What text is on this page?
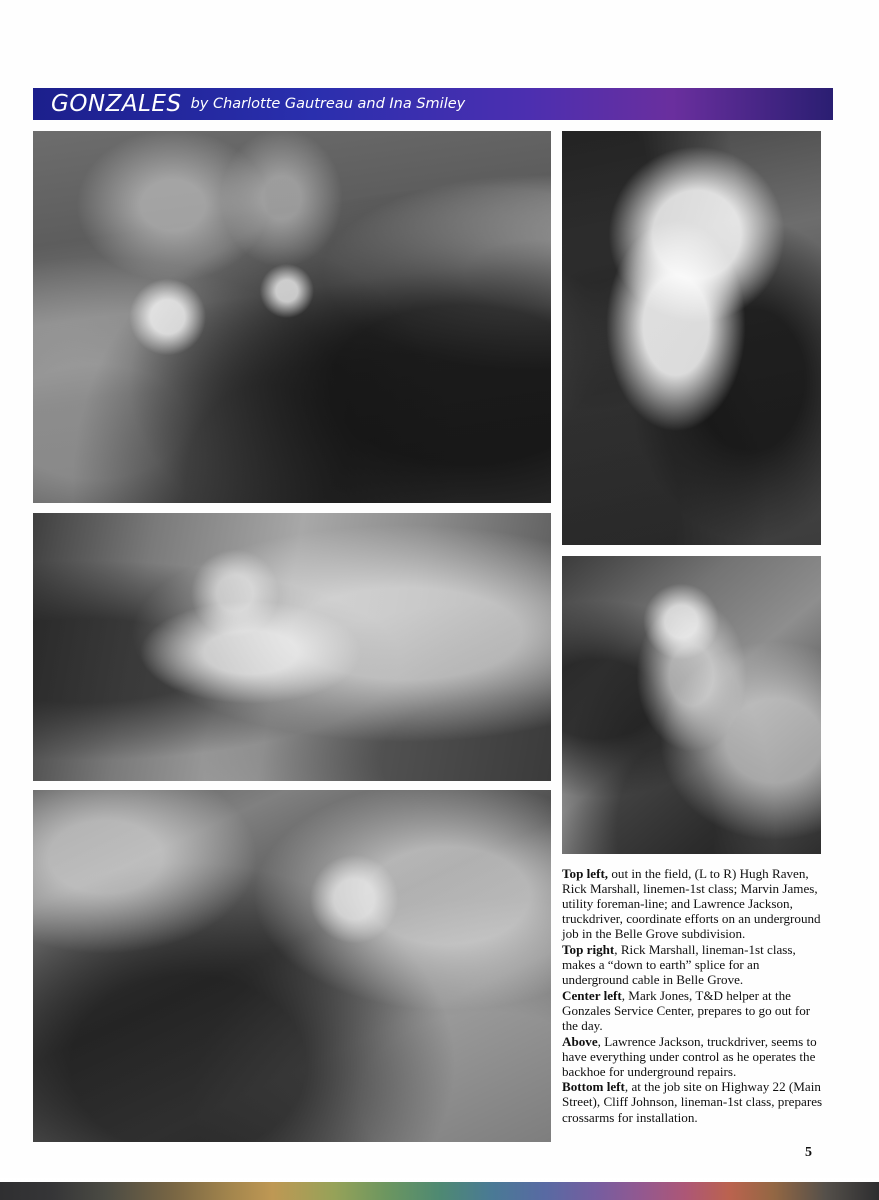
GONZALES by Charlotte Gautreau and Ina Smiley

Top left, out in the field, (L to R) Hugh Raven, Rick Marshall, linemen-1st class; Marvin James, utility foreman-line; and Lawrence Jackson, truckdriver, coordinate efforts on an underground job in the Belle Grove subdivision.

Top right, Rick Marshall, lineman-1st class, makes a “down to earth” splice for an underground cable in Belle Grove.

Center left, Mark Jones, T&D helper at the Gonzales Service Center, prepares to go out for the day.

Above, Lawrence Jackson, truckdriver, seems to have everything under control as he operates the backhoe for underground repairs.

Bottom left, at the job site on Highway 22 (Main Street), Cliff Johnson, lineman-1st class, prepares crossarms for installation.

5
